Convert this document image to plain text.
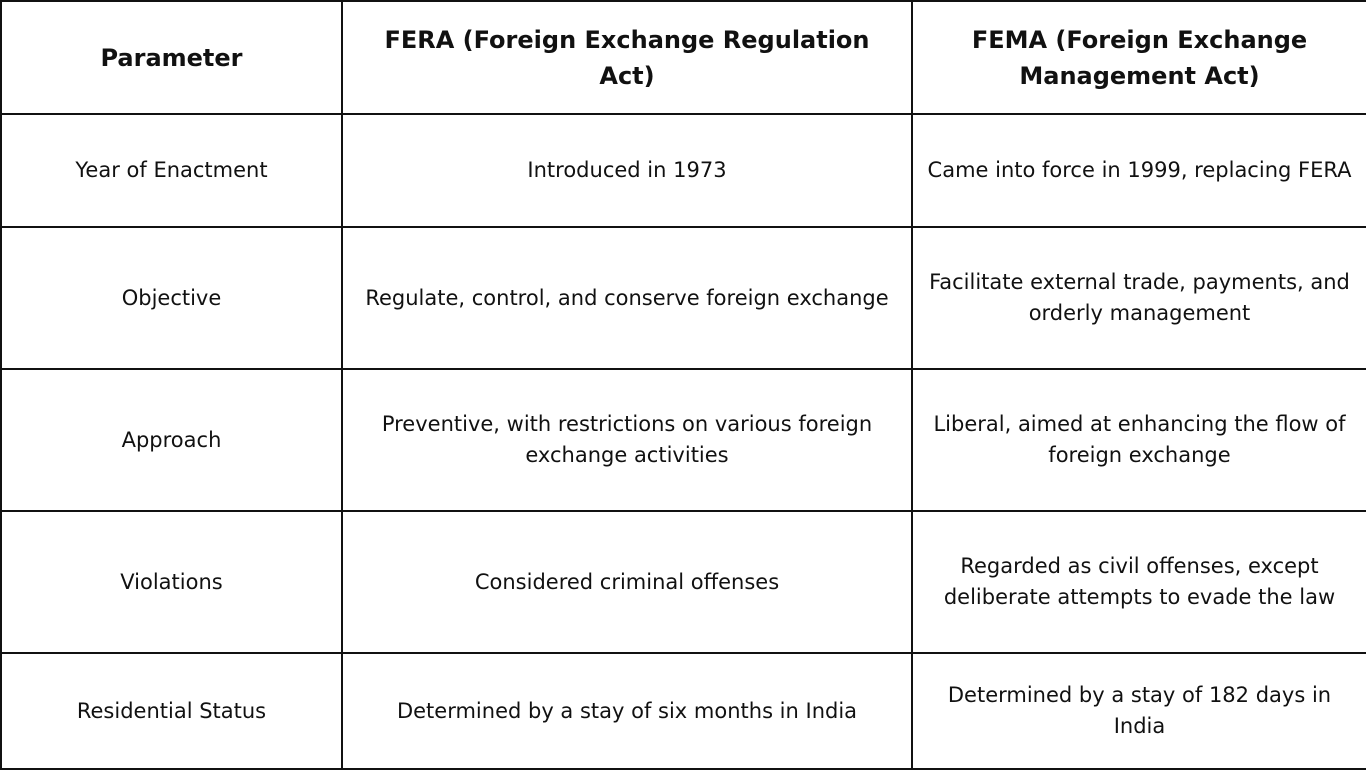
Parameter	FERA (Foreign Exchange Regulation Act)	FEMA (Foreign Exchange Management Act)
Year of Enactment	Introduced in 1973	Came into force in 1999, replacing FERA
Objective	Regulate, control, and conserve foreign exchange	Facilitate external trade, payments, and orderly management
Approach	Preventive, with restrictions on various foreign exchange activities	Liberal, aimed at enhancing the flow of foreign exchange
Violations	Considered criminal offenses	Regarded as civil offenses, except deliberate attempts to evade the law
Residential Status	Determined by a stay of six months in India	Determined by a stay of 182 days in India
